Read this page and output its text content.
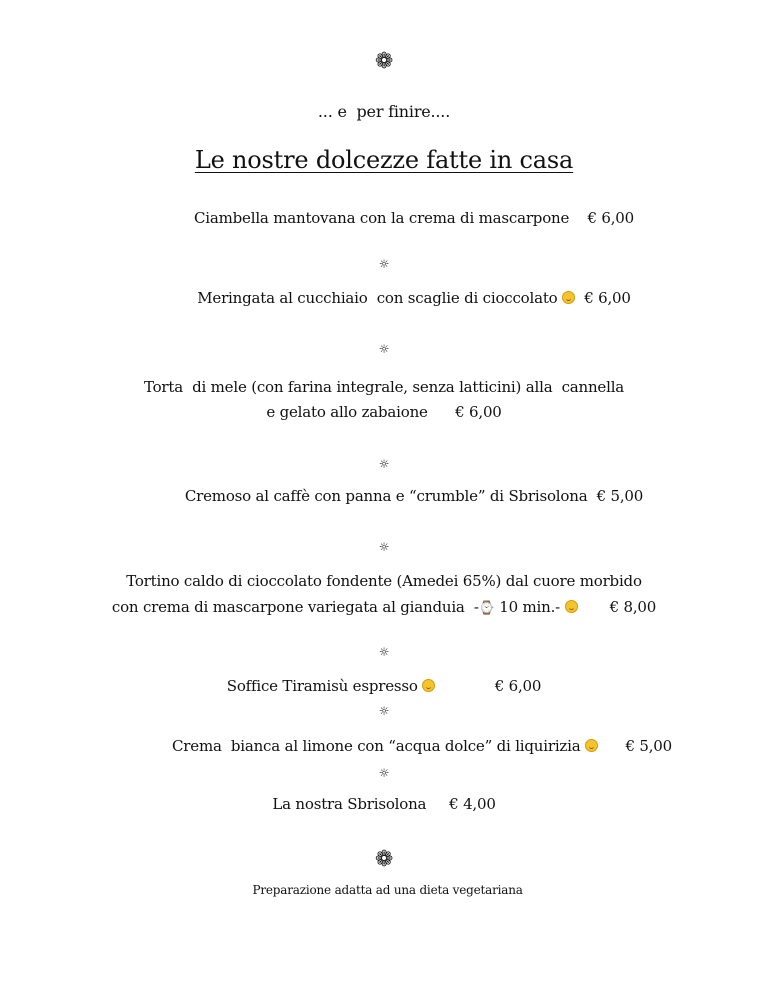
❁
... e  per finire....
Le nostre dolcezze fatte in casa
Ciambella mantovana con la crema di mascarpone    € 6,00
☼
Meringata al cucchiaio  con scaglie di cioccolato   € 6,00
☼
Torta  di mele (con farina integrale, senza latticini) alla  cannella
e gelato allo zabaione      € 6,00
☼
Cremoso al caffè con panna e “crumble” di Sbrisolona  € 5,00
☼
Tortino caldo di cioccolato fondente (Amedei 65%) dal cuore morbido
con crema di mascarpone variegata al gianduia  -⌚ 10 min.-	€ 8,00
☼
Soffice Tiramisù espresso	€ 6,00
☼
Crema  bianca al limone con “acqua dolce” di liquirizia	€ 5,00
☼
La nostra Sbrisolona € 4,00
❁
Preparazione adatta ad una dieta vegetariana
